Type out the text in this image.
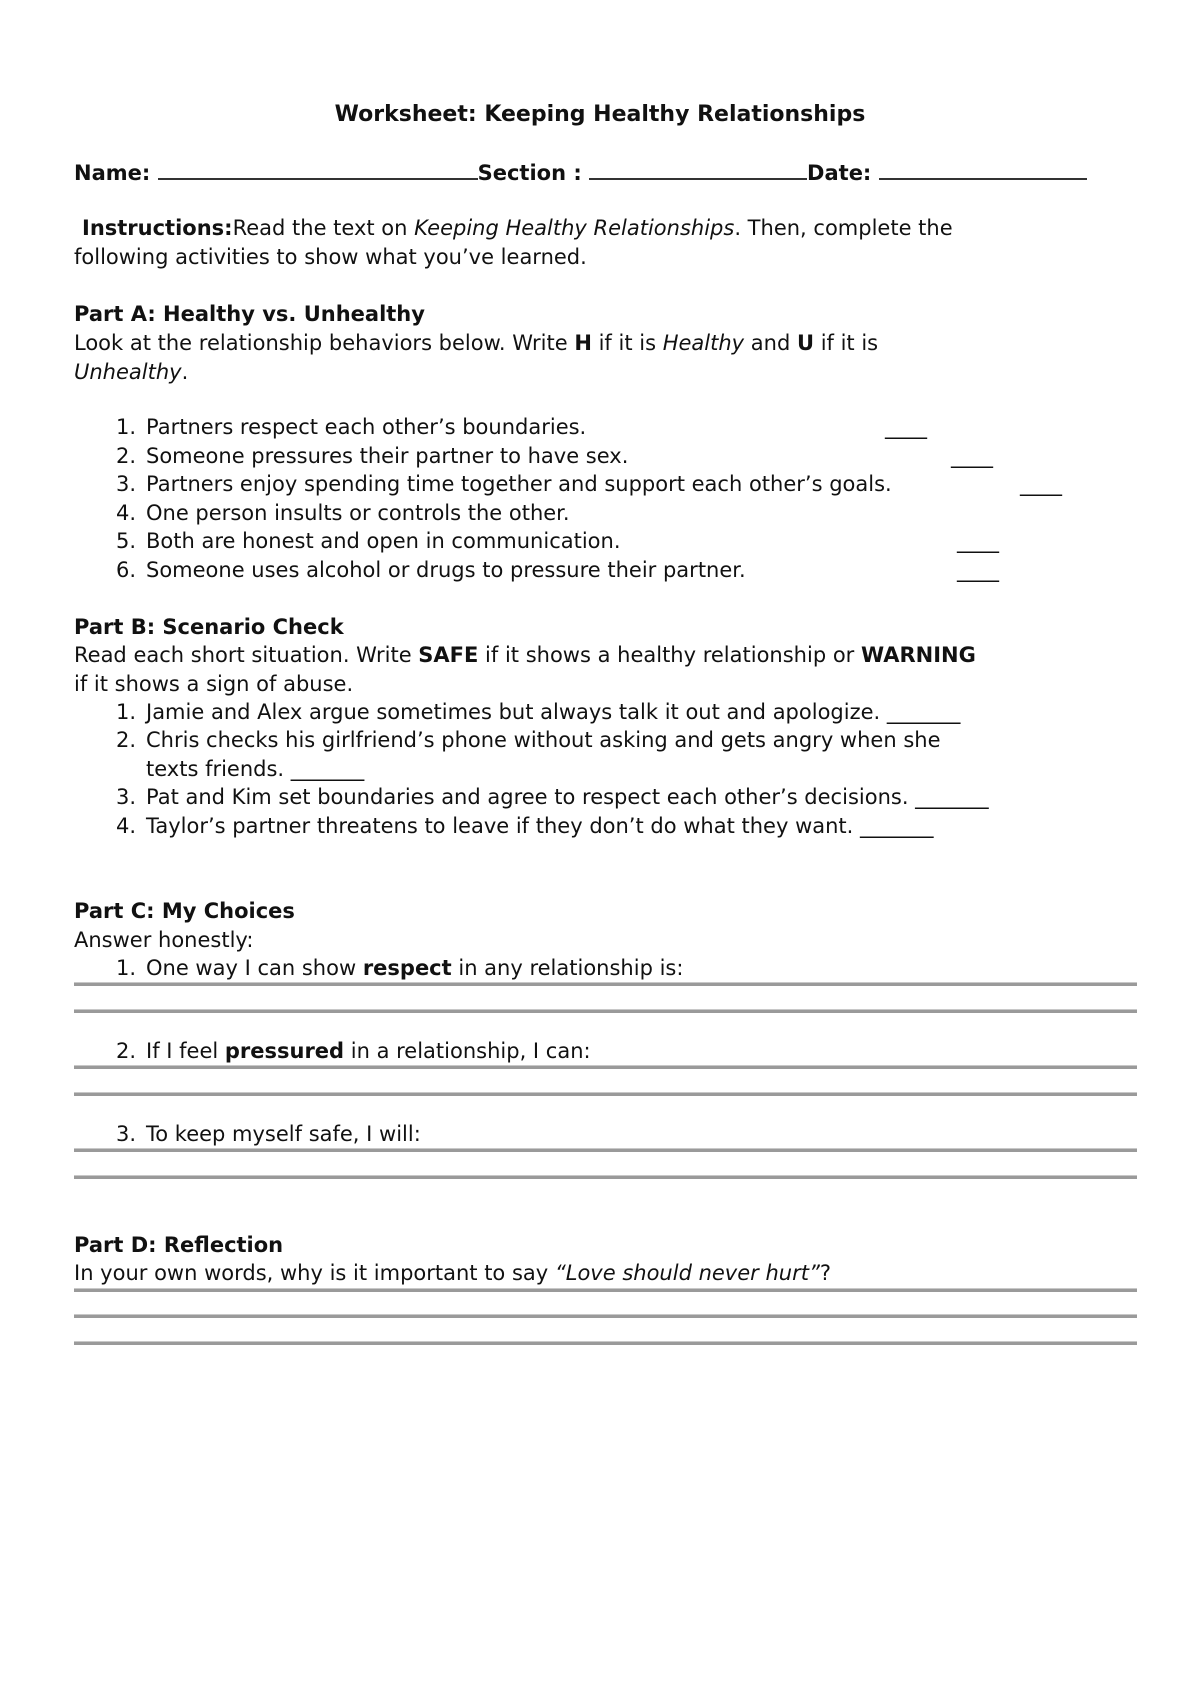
Worksheet: Keeping Healthy Relationships
Name:	Section :	Date:
Instructions:Read the text on Keeping Healthy Relationships. Then, complete the
following activities to show what you’ve learned.
Part A: Healthy vs. Unhealthy
Look at the relationship behaviors below. Write H if it is Healthy and U if it is
Unhealthy.
1. Partners respect each other’s boundaries.	____
2. Someone pressures their partner to have sex.	____
3. Partners enjoy spending time together and support each other’s goals.	____
4. One person insults or controls the other.
5. Both are honest and open in communication.	____
6. Someone uses alcohol or drugs to pressure their partner.	____
Part B: Scenario Check
Read each short situation. Write SAFE if it shows a healthy relationship or WARNING
if it shows a sign of abuse.
1. Jamie and Alex argue sometimes but always talk it out and apologize. _______
2. Chris checks his girlfriend’s phone without asking and gets angry when she
texts friends. _______
3. Pat and Kim set boundaries and agree to respect each other’s decisions. _______
4. Taylor’s partner threatens to leave if they don’t do what they want. _______
Part C: My Choices
Answer honestly:
1. One way I can show respect in any relationship is:
2. If I feel pressured in a relationship, I can:
3. To keep myself safe, I will:
Part D: Reflection
In your own words, why is it important to say “Love should never hurt”?
